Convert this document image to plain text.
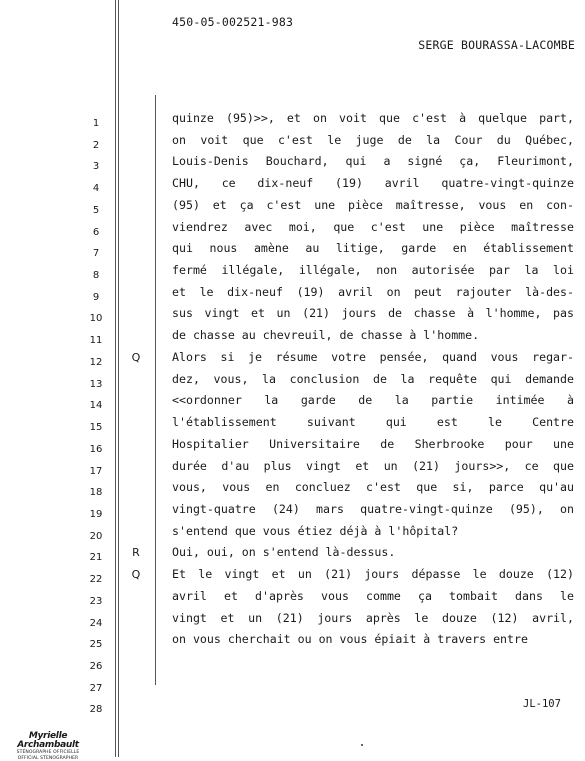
450-05-002521-983
SERGE BOURASSA-LACOMBE
1
2
3
4
5
6
7
8
9
10
11
12
13
14
15
16
17
18
19
20
21
22
23
24
25
26
27
28
quinze (95)>>, et on voit que c'est à quelque part,
on voit que c'est le juge de la Cour du Québec,
Louis-Denis Bouchard, qui a signé ça, Fleurimont,
CHU, ce dix-neuf (19) avril quatre-vingt-quinze
(95) et ça c'est une pièce maîtresse, vous en con-
viendrez avec moi, que c'est une pièce maîtresse
qui nous amène au litige, garde en établissement
fermé illégale, illégale, non autorisée par la loi
et le dix-neuf (19) avril on peut rajouter là-des-
sus vingt et un (21) jours de chasse à l'homme, pas
de chasse au chevreuil, de chasse à l'homme.
Q	Alors si je résume votre pensée, quand vous regar-
dez, vous, la conclusion de la requête qui demande
<<ordonner la garde de la partie intimée à
l'établissement suivant qui est le Centre
Hospitalier Universitaire de Sherbrooke pour une
durée d'au plus vingt et un (21) jours>>, ce que
vous, vous en concluez c'est que si, parce qu'au
vingt-quatre (24) mars quatre-vingt-quinze (95), on
s'entend que vous étiez déjà à l'hôpital?
R	Oui, oui, on s'entend là-dessus.
Q	Et le vingt et un (21) jours dépasse le douze (12)
avril et d'après vous comme ça tombait dans le
vingt et un (21) jours après le douze (12) avril,
on vous cherchait ou on vous épiait à travers entre
JL-107
Myrielle Archambault
STÉNOGRAPHE OFFICIELLE
OFFICIAL STENOGRAPHER
